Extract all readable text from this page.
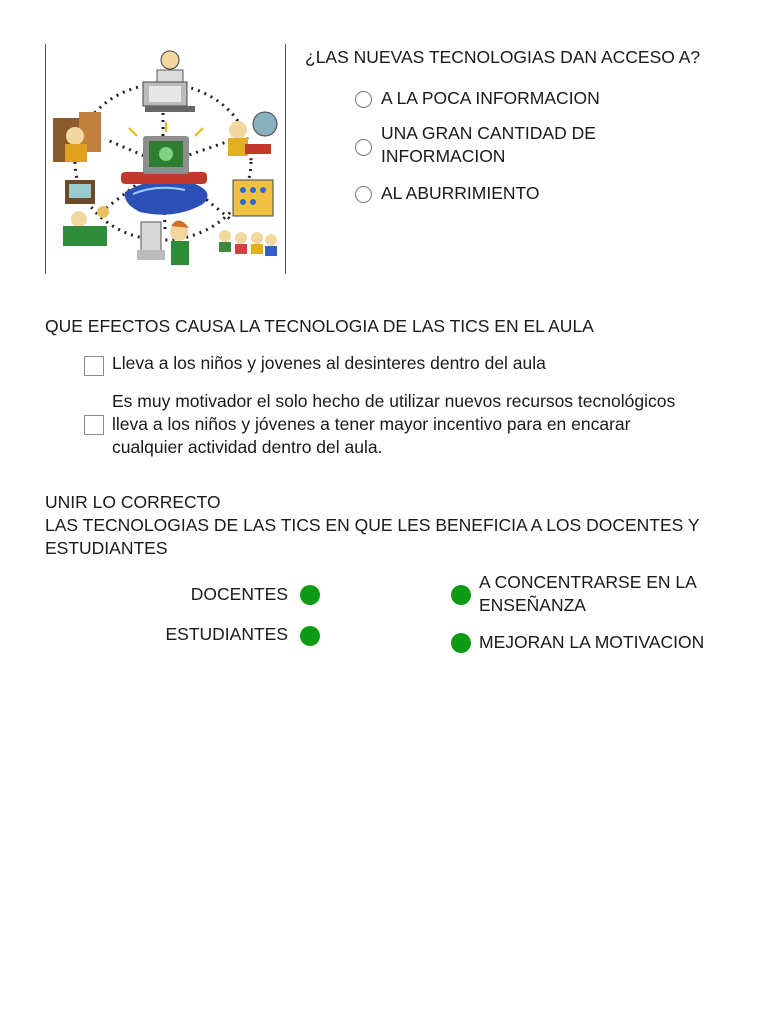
¿LAS NUEVAS TECNOLOGIAS DAN ACCESO A?
A LA POCA INFORMACION
UNA GRAN CANTIDAD DE
INFORMACION
AL ABURRIMIENTO
QUE EFECTOS CAUSA LA TECNOLOGIA DE LAS TICS EN EL AULA
Lleva a los niños y jovenes al desinteres dentro del aula
Es muy motivador el solo hecho de utilizar nuevos recursos tecnológicos
lleva a los niños y jóvenes a tener mayor incentivo para en encarar
cualquier actividad dentro del aula.
UNIR LO CORRECTO
LAS TECNOLOGIAS DE LAS TICS EN QUE LES BENEFICIA A LOS DOCENTES Y
ESTUDIANTES
DOCENTES
ESTUDIANTES
A CONCENTRARSE EN LA
ENSEÑANZA
MEJORAN LA MOTIVACION
